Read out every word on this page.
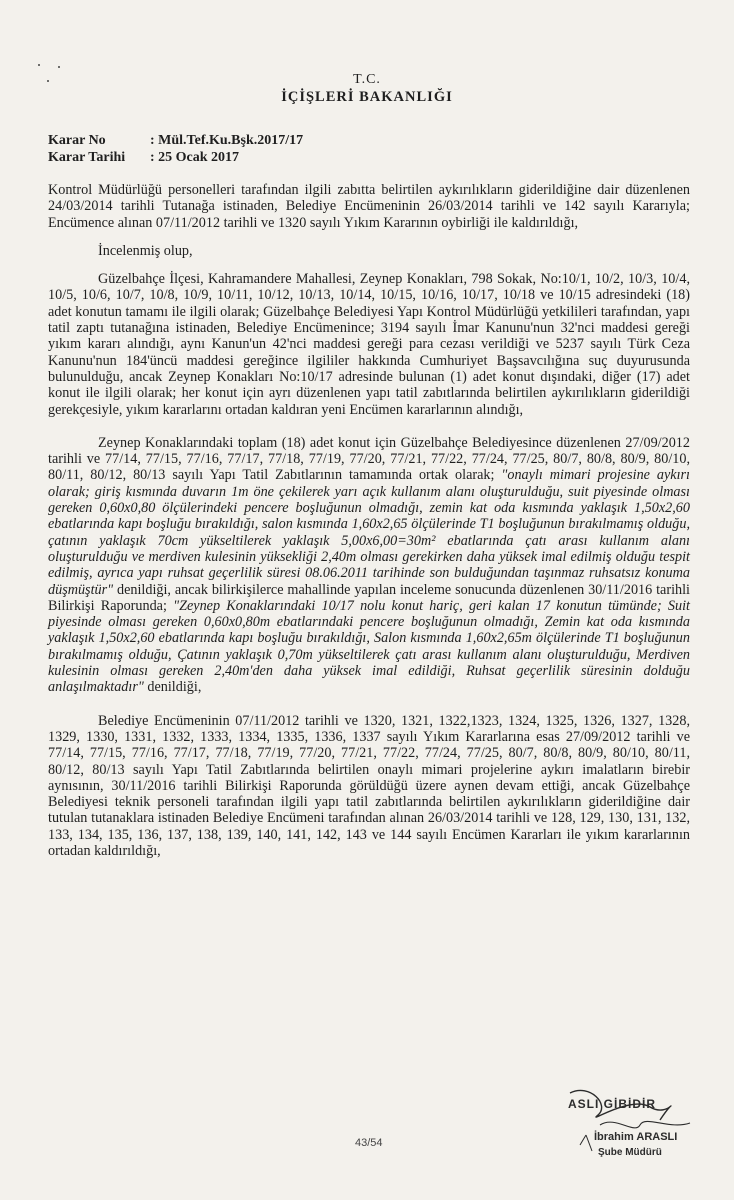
T.C.
İÇİŞLERİ BAKANLIĞI
Karar No	: Mül.Tef.Ku.Bşk.2017/17
Karar Tarihi : 25 Ocak 2017

Kontrol Müdürlüğü personelleri tarafından ilgili zabıtta belirtilen aykırılıkların giderildiğine dair düzenlenen 24/03/2014 tarihli Tutanağa istinaden, Belediye Encümeninin 26/03/2014 tarihli ve 142 sayılı Kararıyla; Encümence alınan 07/11/2012 tarihli ve 1320 sayılı Yıkım Kararının oybirliği ile kaldırıldığı,

İncelenmiş olup,

Güzelbahçe İlçesi, Kahramandere Mahallesi, Zeynep Konakları, 798 Sokak, No:10/1, 10/2, 10/3, 10/4, 10/5, 10/6, 10/7, 10/8, 10/9, 10/11, 10/12, 10/13, 10/14, 10/15, 10/16, 10/17, 10/18 ve 10/15 adresindeki (18) adet konutun tamamı ile ilgili olarak; Güzelbahçe Belediyesi Yapı Kontrol Müdürlüğü yetkilileri tarafından, yapı tatil zaptı tutanağına istinaden, Belediye Encümenince; 3194 sayılı İmar Kanunu'nun 32'nci maddesi gereği yıkım kararı alındığı, aynı Kanun'un 42'nci maddesi gereği para cezası verildiği ve 5237 sayılı Türk Ceza Kanunu'nun 184'üncü maddesi gereğince ilgililer hakkında Cumhuriyet Başsavcılığına suç duyurusunda bulunulduğu, ancak Zeynep Konakları No:10/17 adresinde bulunan (1) adet konut dışındaki, diğer (17) adet konut ile ilgili olarak; her konut için ayrı düzenlenen yapı tatil zabıtlarında belirtilen aykırılıkların giderildiği gerekçesiyle, yıkım kararlarını ortadan kaldıran yeni Encümen kararlarının alındığı,

Zeynep Konaklarındaki toplam (18) adet konut için Güzelbahçe Belediyesince düzenlenen 27/09/2012 tarihli ve 77/14, 77/15, 77/16, 77/17, 77/18, 77/19, 77/20, 77/21, 77/22, 77/24, 77/25, 80/7, 80/8, 80/9, 80/10, 80/11, 80/12, 80/13 sayılı Yapı Tatil Zabıtlarının tamamında ortak olarak; "onaylı mimari projesine aykırı olarak; giriş kısmında duvarın 1m öne çekilerek yarı açık kullanım alanı oluşturulduğu, suit piyesinde olması gereken 0,60x0,80 ölçülerindeki pencere boşluğunun olmadığı, zemin kat oda kısmında yaklaşık 1,50x2,60 ebatlarında kapı boşluğu bırakıldığı, salon kısmında 1,60x2,65 ölçülerinde T1 boşluğunun bırakılmamış olduğu, çatının yaklaşık 70cm yükseltilerek yaklaşık 5,00x6,00=30m² ebatlarında çatı arası kullanım alanı oluşturulduğu ve merdiven kulesinin yüksekliği 2,40m olması gerekirken daha yüksek imal edilmiş olduğu tespit edilmiş, ayrıca yapı ruhsat geçerlilik süresi 08.06.2011 tarihinde son bulduğundan taşınmaz ruhsatsız konuma düşmüştür" denildiği, ancak bilirkişilerce mahallinde yapılan inceleme sonucunda düzenlenen 30/11/2016 tarihli Bilirkişi Raporunda; "Zeynep Konaklarındaki 10/17 nolu konut hariç, geri kalan 17 konutun tümünde; Suit piyesinde olması gereken 0,60x0,80m ebatlarındaki pencere boşluğunun olmadığı, Zemin kat oda kısmında yaklaşık 1,50x2,60 ebatlarında kapı boşluğu bırakıldığı, Salon kısmında 1,60x2,65m ölçülerinde T1 boşluğunun bırakılmamış olduğu, Çatının yaklaşık 0,70m yükseltilerek çatı arası kullanım alanı oluşturulduğu, Merdiven kulesinin olması gereken 2,40m'den daha yüksek imal edildiği, Ruhsat geçerlilik süresinin dolduğu anlaşılmaktadır" denildiği,

Belediye Encümeninin 07/11/2012 tarihli ve 1320, 1321, 1322,1323, 1324, 1325, 1326, 1327, 1328, 1329, 1330, 1331, 1332, 1333, 1334, 1335, 1336, 1337 sayılı Yıkım Kararlarına esas 27/09/2012 tarihli ve 77/14, 77/15, 77/16, 77/17, 77/18, 77/19, 77/20, 77/21, 77/22, 77/24, 77/25, 80/7, 80/8, 80/9, 80/10, 80/11, 80/12, 80/13 sayılı Yapı Tatil Zabıtlarında belirtilen onaylı mimari projelerine aykırı imalatların birebir aynısının, 30/11/2016 tarihli Bilirkişi Raporunda görüldüğü üzere aynen devam ettiği, ancak Güzelbahçe Belediyesi teknik personeli tarafından ilgili yapı tatil zabıtlarında belirtilen aykırılıkların giderildiğine dair tutulan tutanaklara istinaden Belediye Encümeni tarafından alınan 26/03/2014 tarihli ve 128, 129, 130, 131, 132, 133, 134, 135, 136, 137, 138, 139, 140, 141, 142, 143 ve 144 sayılı Encümen Kararları ile yıkım kararlarının ortadan kaldırıldığı,

ASLI GİBİDİR
İbrahim ARASLI
Şube Müdürü
43/54
